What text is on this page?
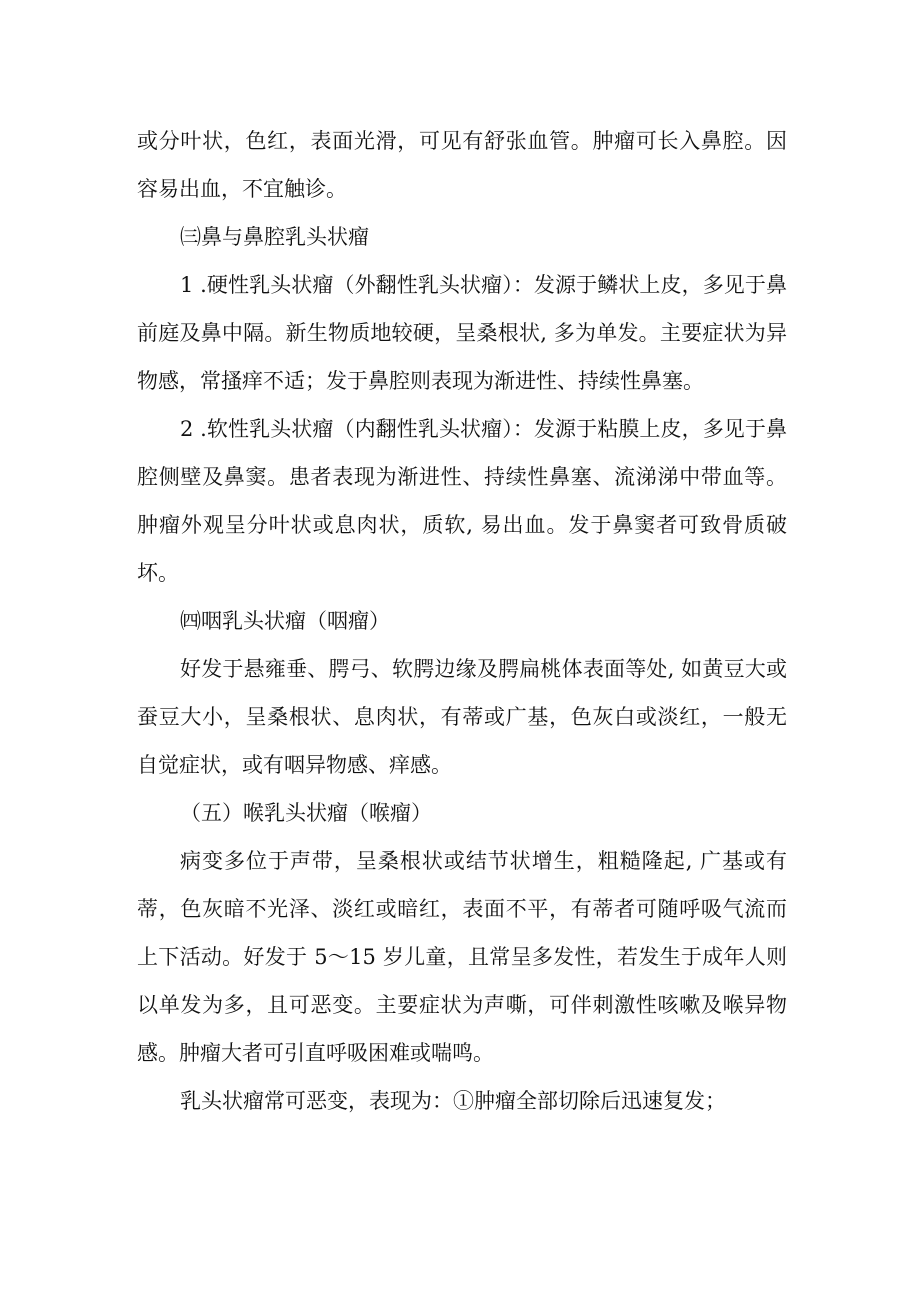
或分叶状，色红，表面光滑，可见有舒张血管。肿瘤可长入鼻腔。因容易出血，不宜触诊。

㈢鼻与鼻腔乳头状瘤

1 .硬性乳头状瘤（外翻性乳头状瘤）：发源于鳞状上皮，多见于鼻前庭及鼻中隔。新生物质地较硬，呈桑根状, 多为单发。主要症状为异物感，常搔痒不适；发于鼻腔则表现为渐进性、持续性鼻塞。

2 .软性乳头状瘤（内翻性乳头状瘤）：发源于粘膜上皮，多见于鼻腔侧壁及鼻窦。患者表现为渐进性、持续性鼻塞、流涕涕中带血等。肿瘤外观呈分叶状或息肉状，质软, 易出血。发于鼻窦者可致骨质破坏。

㈣咽乳头状瘤（咽瘤）

好发于悬雍垂、腭弓、软腭边缘及腭扁桃体表面等处, 如黄豆大或蚕豆大小，呈桑根状、息肉状，有蒂或广基，色灰白或淡红，一般无自觉症状，或有咽异物感、痒感。

（五）喉乳头状瘤（喉瘤）

病变多位于声带，呈桑根状或结节状增生，粗糙隆起, 广基或有蒂，色灰暗不光泽、淡红或暗红，表面不平，有蒂者可随呼吸气流而上下活动。好发于 5～15 岁儿童，且常呈多发性，若发生于成年人则以单发为多，且可恶变。主要症状为声嘶，可伴刺激性咳嗽及喉异物感。肿瘤大者可引直呼吸困难或喘鸣。

乳头状瘤常可恶变，表现为：①肿瘤全部切除后迅速复发；
